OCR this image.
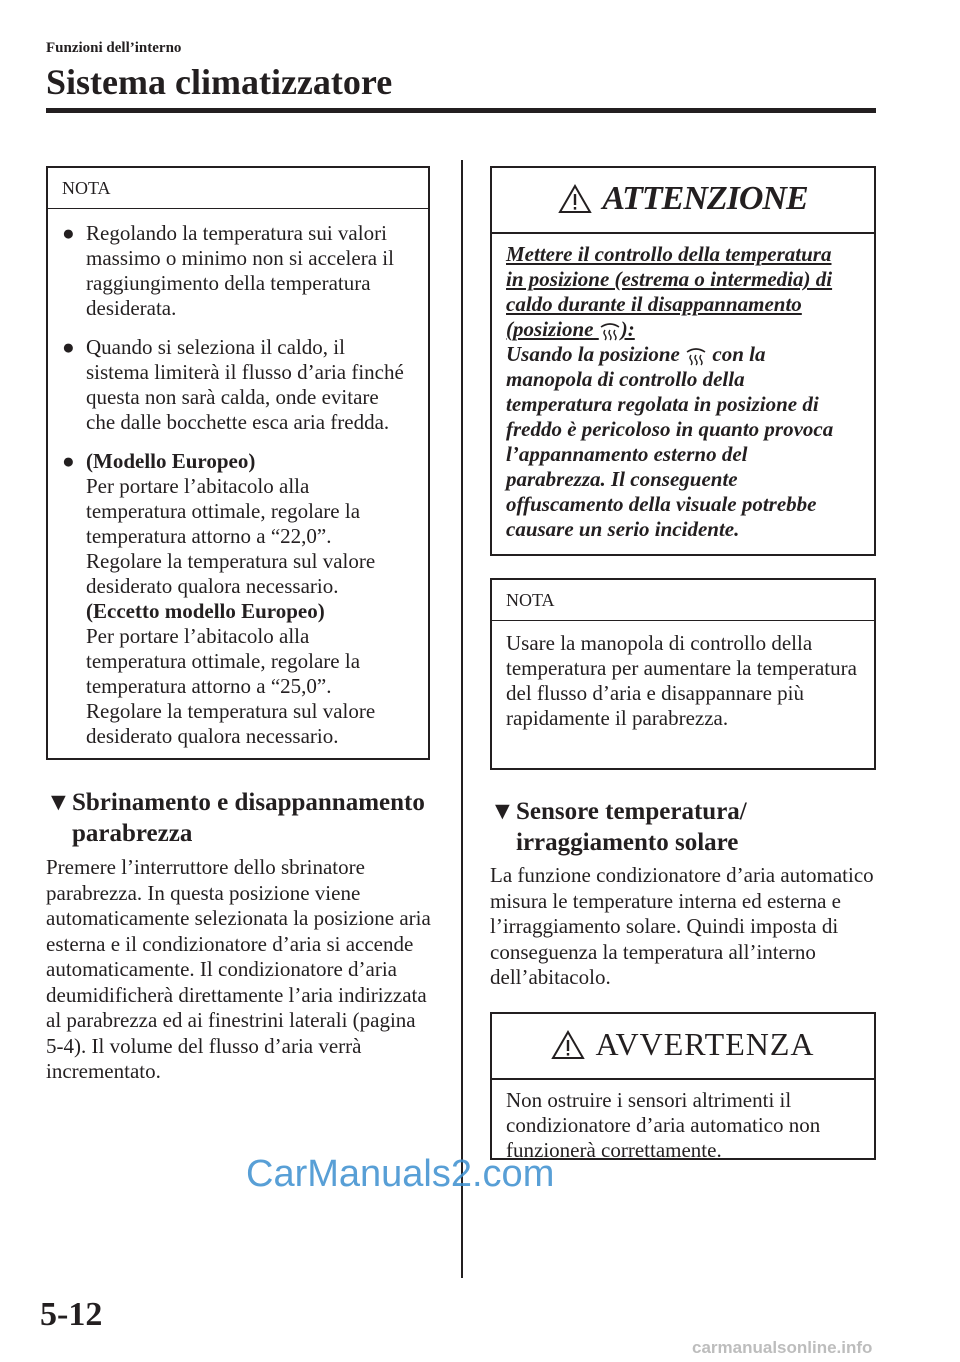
Funzioni dell’interno
Sistema climatizzatore
NOTA
● Regolando la temperatura sui valori massimo o minimo non si accelera il raggiungimento della temperatura desiderata.
● Quando si seleziona il caldo, il sistema limiterà il flusso d’aria finché questa non sarà calda, onde evitare che dalle bocchette esca aria fredda.
● (Modello Europeo)
Per portare l’abitacolo alla temperatura ottimale, regolare la temperatura attorno a “22,0”. Regolare la temperatura sul valore desiderato qualora necessario.
(Eccetto modello Europeo)
Per portare l’abitacolo alla temperatura ottimale, regolare la temperatura attorno a “25,0”. Regolare la temperatura sul valore desiderato qualora necessario.
▼ Sbrinamento e disappannamento
parabrezza
Premere l’interruttore dello sbrinatore parabrezza. In questa posizione viene automaticamente selezionata la posizione aria esterna e il condizionatore d’aria si accende automaticamente. Il condizionatore d’aria deumidificherà direttamente l’aria indirizzata al parabrezza ed ai finestrini laterali (pagina 5-4). Il volume del flusso d’aria verrà incrementato.
ATTENZIONE
Mettere il controllo della temperatura
in posizione (estrema o intermedia) di
caldo durante il disappannamento
(posizione ):
Usando la posizione con la
manopola di controllo della temperatura regolata in posizione di freddo è pericoloso in quanto provoca l’appannamento esterno del parabrezza. Il conseguente offuscamento della visuale potrebbe causare un serio incidente.
NOTA
Usare la manopola di controllo della temperatura per aumentare la temperatura del flusso d’aria e disappannare più rapidamente il parabrezza.
▼ Sensore temperatura/
irraggiamento solare
La funzione condizionatore d’aria automatico misura le temperature interna ed esterna e l’irraggiamento solare. Quindi imposta di conseguenza la temperatura all’interno dell’abitacolo.
AVVERTENZA
Non ostruire i sensori altrimenti il condizionatore d’aria automatico non funzionerà correttamente.
CarManuals2.com
5-12
carmanualsonline.info
